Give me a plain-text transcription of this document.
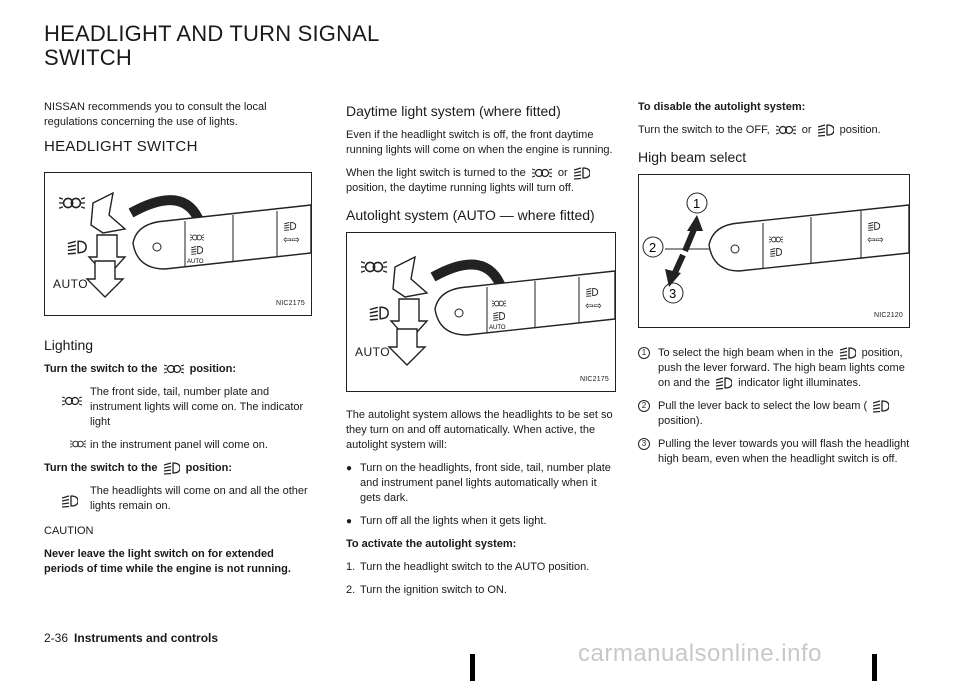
HEADLIGHT AND TURN SIGNAL SWITCH

NISSAN recommends you to consult the local regulations concerning the use of lights.

HEADLIGHT SWITCH
AUTO
⇦⇨
AUTO
NIC2175
Lighting

Turn the switch to the	position:

The front side, tail, number plate and instrument lights will come on. The indicator light

in the instrument panel will come on.

Turn the switch to the	position:

The headlights will come on and all the other lights remain on.

CAUTION

Never leave the light switch on for extended periods of time while the engine is not running.

Daytime light system (where fitted)

Even if the headlight switch is off, the front daytime running lights will come on when the engine is running.

When the light switch is turned to the	or  position, the daytime running lights will turn off.

Autolight system (AUTO — where fitted)
AUTO
⇦⇨
AUTO
NIC2175

The autolight system allows the headlights to be set so they turn on and off automatically. When active, the autolight system will:

● Turn on the headlights, front side, tail, number plate and instrument panel lights automatically when it gets dark.
● Turn off all the lights when it gets light.

To activate the autolight system:

1. Turn the headlight switch to the AUTO position.
2. Turn the ignition switch to ON.

To disable the autolight system:

Turn the switch to the OFF,	or	position.

High beam select
1
2
3
⇦⇨
NIC2120
1	To select the high beam when in the	position, push the lever forward. The high beam lights come on and the	indicator light illuminates.
2	Pull the lever back to select the low beam (  position).
3	Pulling the lever towards you will flash the headlight high beam, even when the headlight switch is off.
2-36 Instruments and controls
carmanualsonline.info
